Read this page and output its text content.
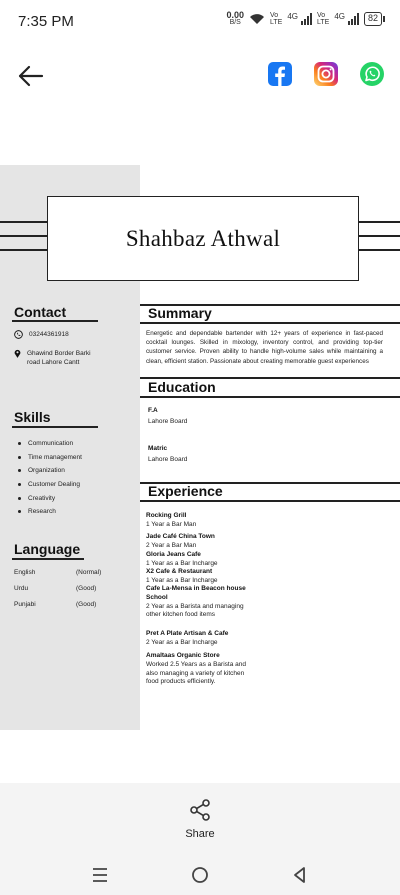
7:35 PM	0.00
B/S
Vo
LTE
4G	Vo
LTE
4G	82
Shahbaz Athwal
Contact
03244361918
Ghawind Border Barki
road Lahore Cantt
Skills
Communication
Time management
Organization
Customer Dealing
Creativity
Research
Language
English	(Normal)
Urdu	(Good)
Punjabi	(Good)
Summary
Energetic and dependable bartender with 12+ years of experience in fast-paced cocktail lounges. Skilled in mixology, inventory control, and providing top-tier customer service. Proven ability to handle high-volume sales while maintaining a clean, efficient station. Passionate about creating memorable guest experiences
Education
F.A
Lahore Board
Matric
Lahore Board
Experience
Rocking Grill
1 Year a Bar Man
Jade Café China Town
2 Year a Bar Man
Gloria Jeans Cafe
1 Year as a Bar Incharge
X2 Cafe & Restaurant
1 Year as a Bar Incharge
Cafe La-Mensa in Beacon house School
2 Year as a Barista and managing other kitchen food items
Pret A Plate Artisan & Cafe
2 Year as a Bar Incharge
Amaltaas Organic Store
Worked 2.5 Years as a Barista and also managing a variety of kitchen food products efficiently.
Share
